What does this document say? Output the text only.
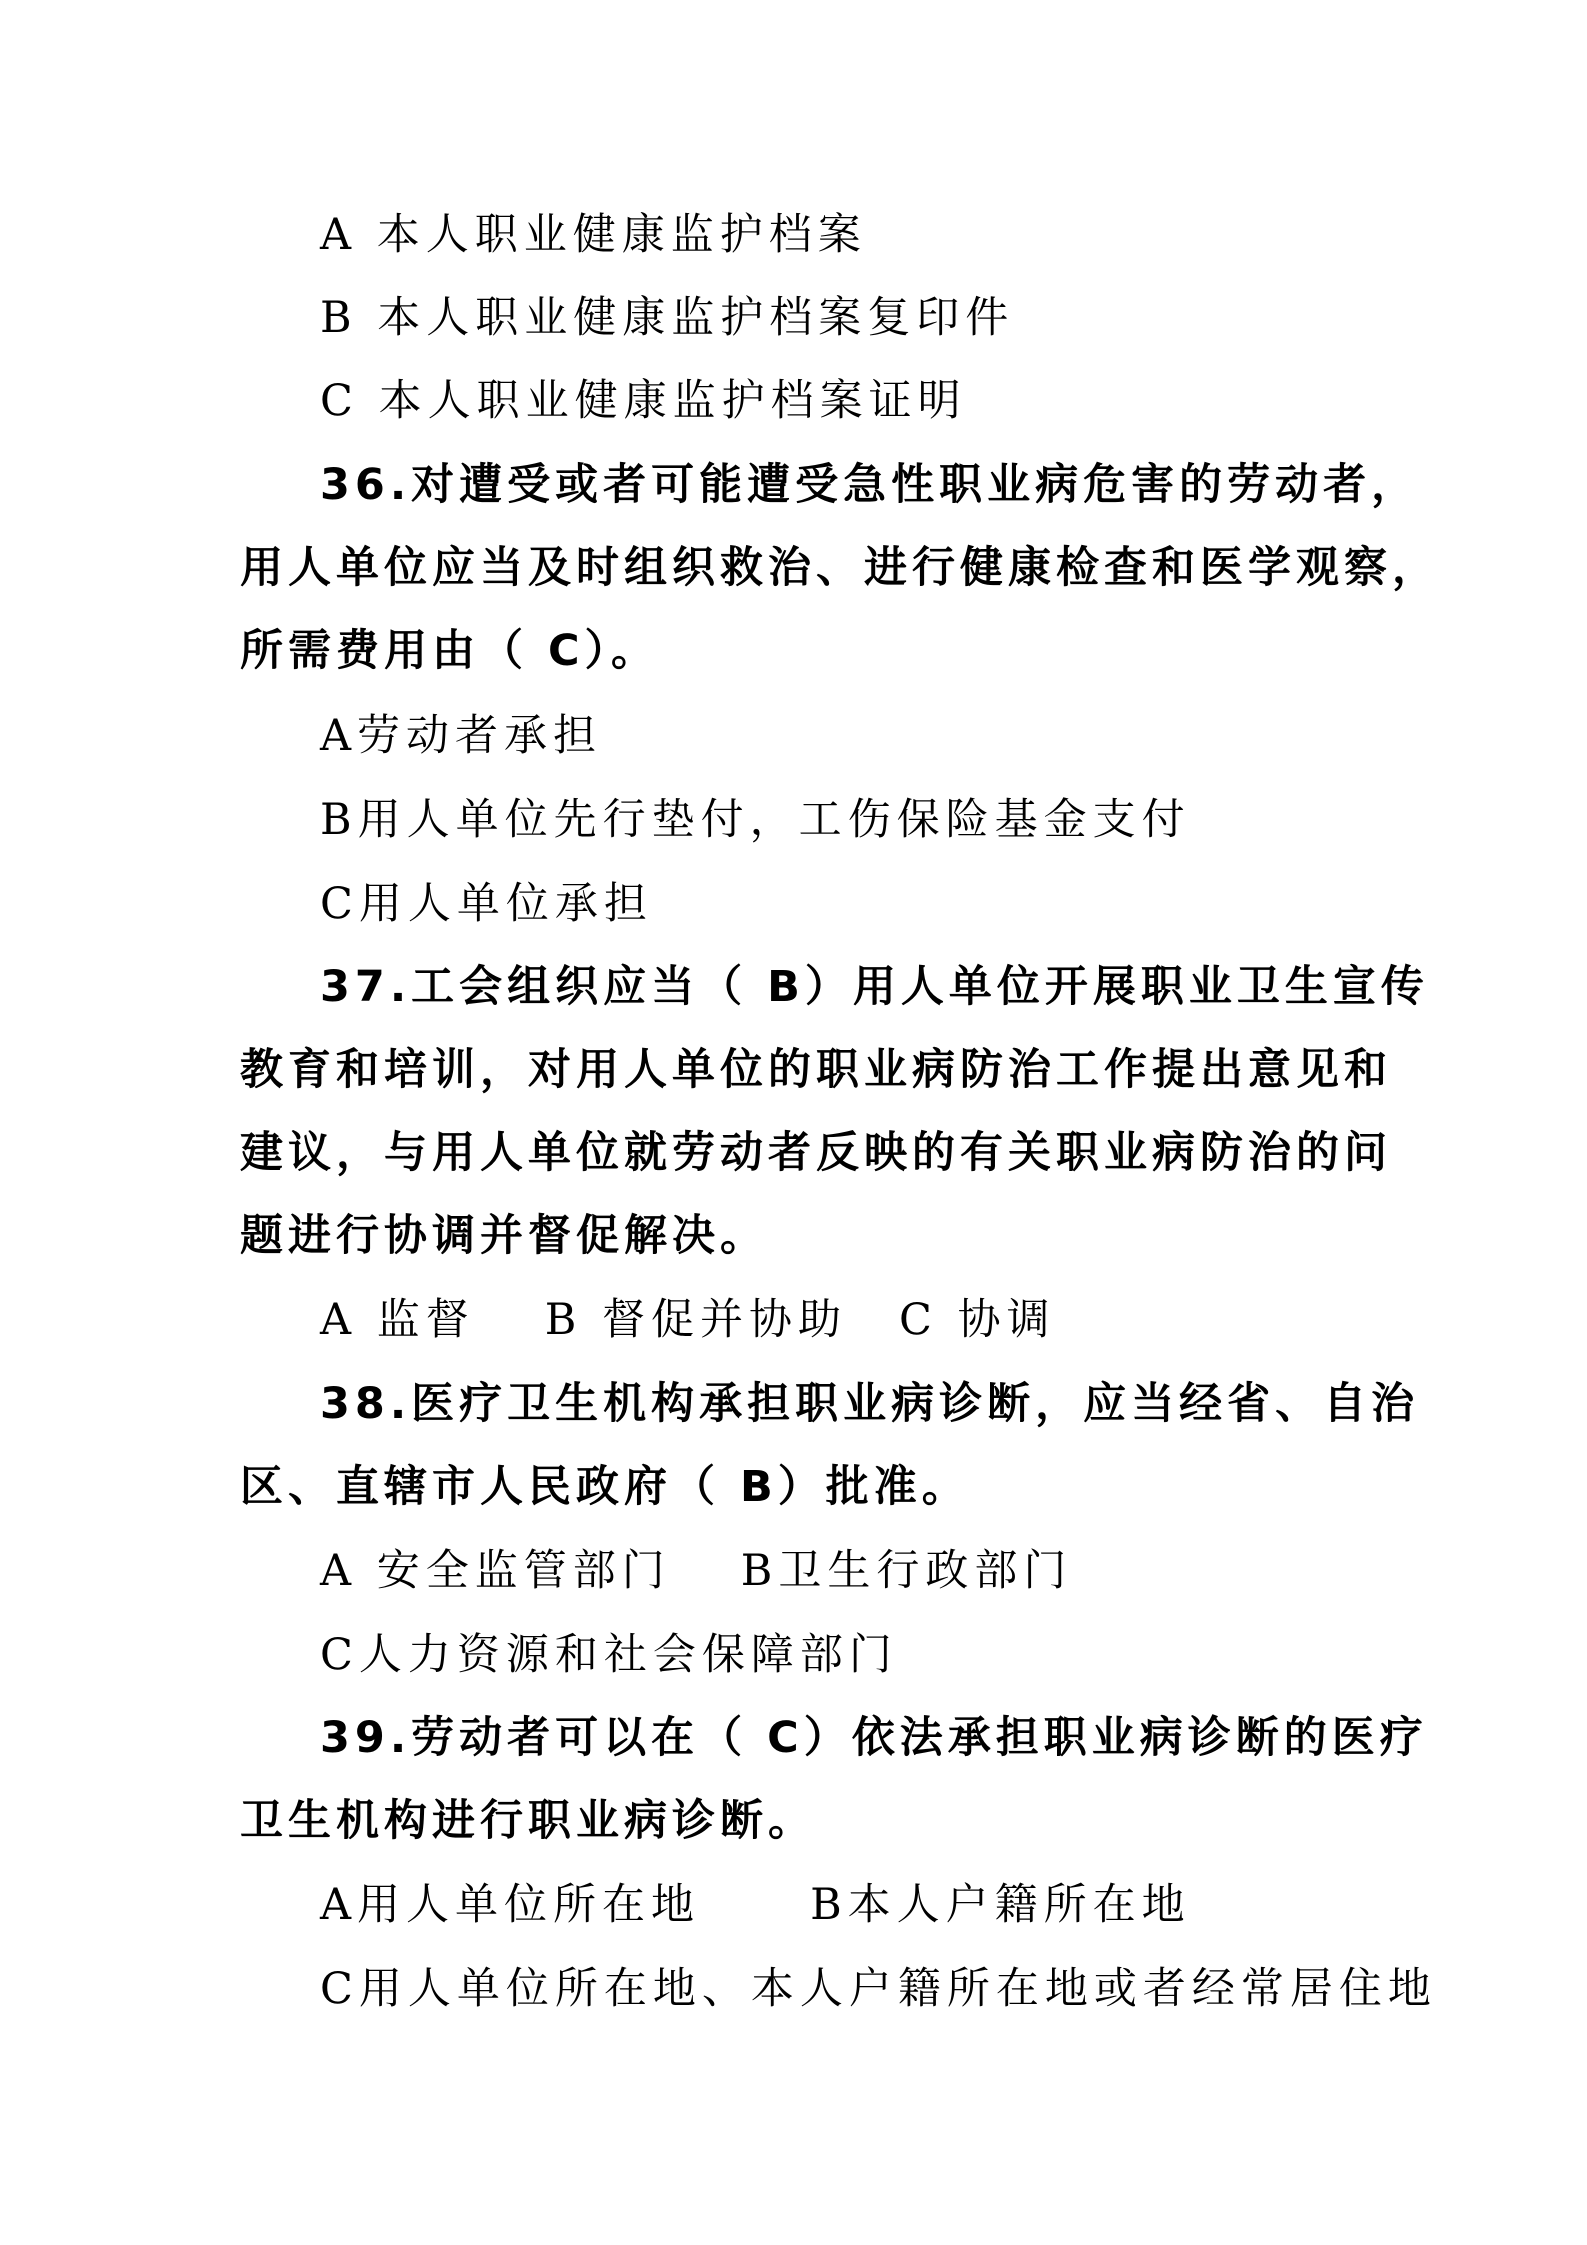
A 本人职业健康监护档案
B 本人职业健康监护档案复印件
C 本人职业健康监护档案证明
36.对遭受或者可能遭受急性职业病危害的劳动者，
用人单位应当及时组织救治、进行健康检查和医学观察，
所需费用由（ C）。
A劳动者承担
B用人单位先行垫付，工伤保险基金支付
C用人单位承担
37.工会组织应当（ B）用人单位开展职业卫生宣传
教育和培训，对用人单位的职业病防治工作提出意见和
建议，与用人单位就劳动者反映的有关职业病防治的问
题进行协调并督促解决。
A 监督 B 督促并协助 C 协调
38.医疗卫生机构承担职业病诊断，应当经省、自治
区、直辖市人民政府（ B）批准。
A 安全监管部门 B卫生行政部门
C人力资源和社会保障部门
39.劳动者可以在（ C）依法承担职业病诊断的医疗
卫生机构进行职业病诊断。
A用人单位所在地	B本人户籍所在地
C用人单位所在地、本人户籍所在地或者经常居住地
